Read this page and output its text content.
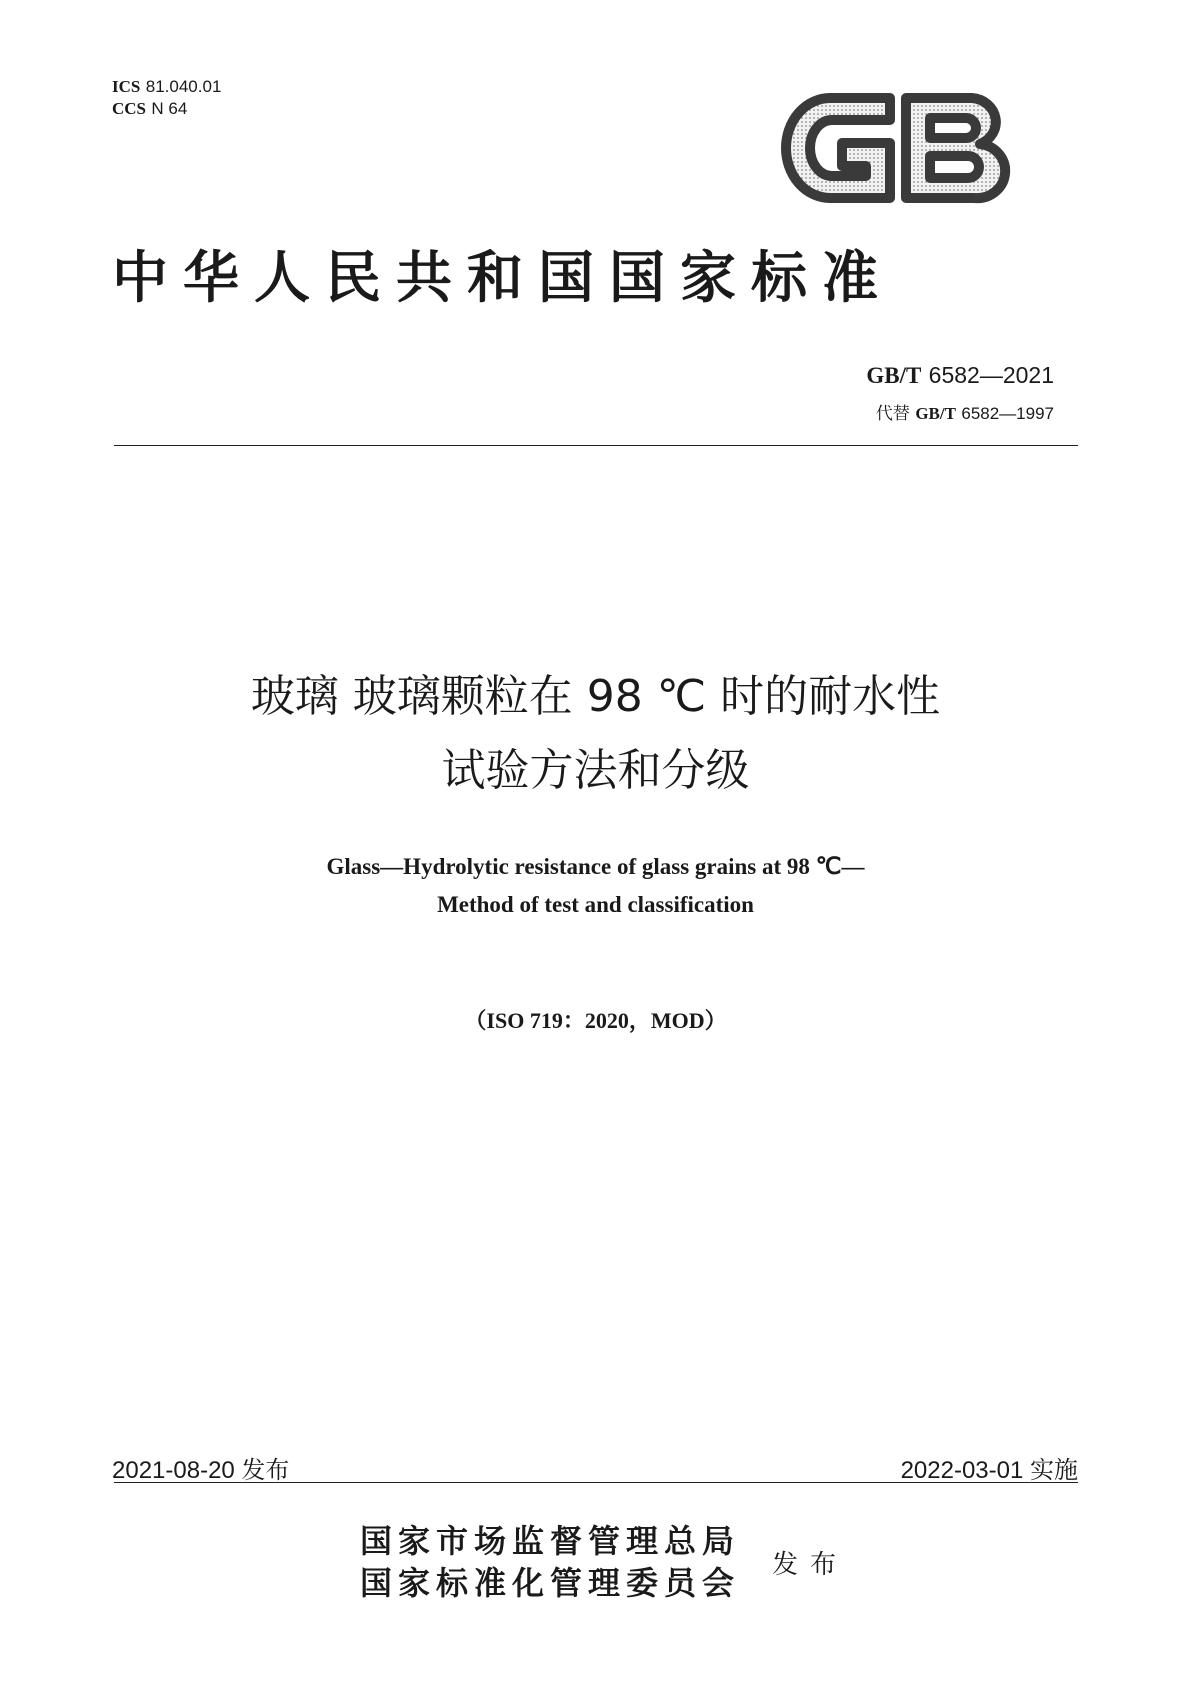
ICS 81.040.01
CCS N 64
中华人民共和国国家标准
GB/T 6582—2021
代替 GB/T 6582—1997
玻璃 玻璃颗粒在 98 ℃ 时的耐水性
试验方法和分级
Glass—Hydrolytic resistance of glass grains at 98 ℃—
Method of test and classification
（ISO 719：2020，MOD）
2021-08-20 发布	2022-03-01 实施
国家市场监督管理总局
国家标准化管理委员会 发布
